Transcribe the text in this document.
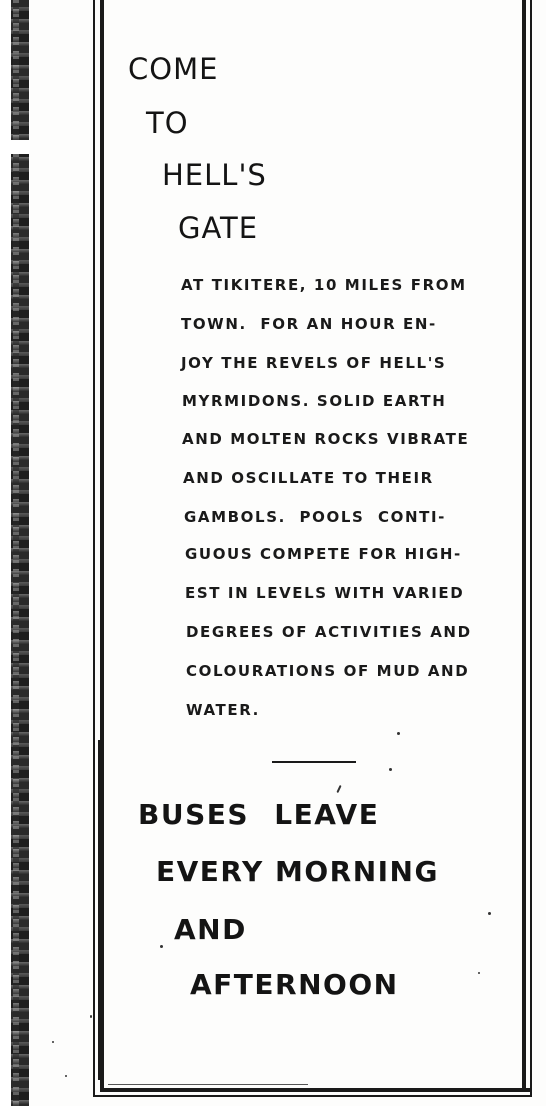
COME

TO

HELL'S

GATE

AT TIKITERE, 10 MILES FROM

TOWN.  FOR AN HOUR EN-

JOY THE REVELS OF HELL'S

MYRMIDONS. SOLID EARTH

AND MOLTEN ROCKS VIBRATE

AND OSCILLATE TO THEIR

GAMBOLS.  POOLS  CONTI-

GUOUS COMPETE FOR HIGH-

EST IN LEVELS WITH VARIED

DEGREES OF ACTIVITIES AND

COLOURATIONS OF MUD AND

WATER.

BUSES LEAVE

EVERY MORNING

AND

AFTERNOON
